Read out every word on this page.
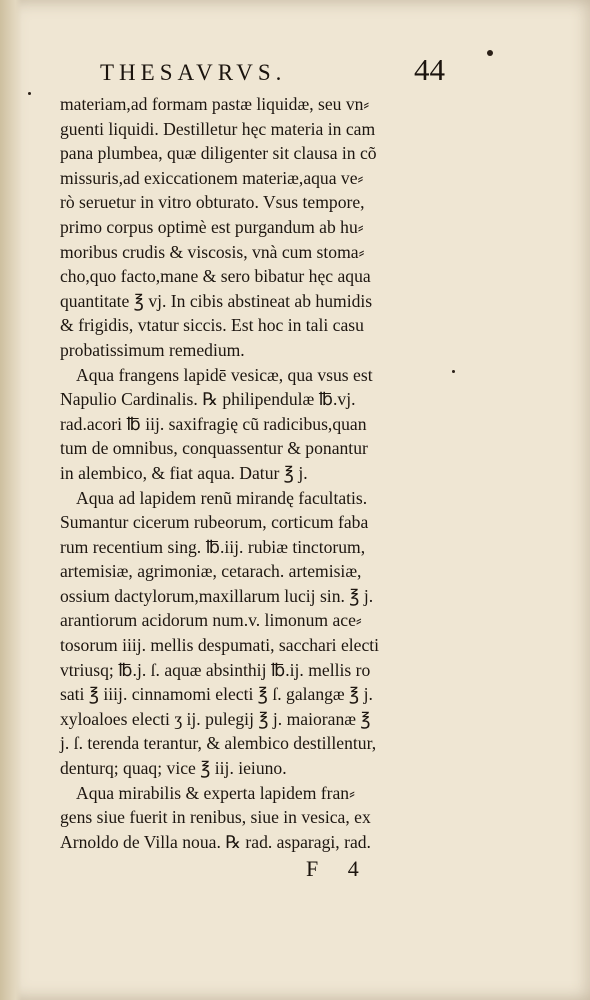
THESAVRVS.	44
materiam,ad formam pastæ liquidæ, seu vn⸗
guenti liquidi. Destilletur hęc materia in cam
pana plumbea, quæ diligenter sit clausa in cõ
missuris,ad exiccationem materiæ,aqua ve⸗
rò seruetur in vitro obturato. Vsus tempore,
primo corpus optimè est purgandum ab hu⸗
moribus crudis & viscosis, vnà cum stoma⸗
cho,quo facto,mane & sero bibatur hęc aqua
quantitate ℥ vj. In cibis abstineat ab humidis
& frigidis, vtatur siccis. Est hoc in tali casu
probatissimum remedium.
Aqua frangens lapidē vesicæ, qua vsus est
Napulio Cardinalis. ℞ philipendulæ ℔.vj.
rad.acori ℔ iij. saxifragię cũ radicibus,quan
tum de omnibus, conquassentur & ponantur
in alembico, & fiat aqua. Datur ℥ j.
Aqua ad lapidem renũ mirandę facultatis.
Sumantur cicerum rubeorum, corticum faba
rum recentium sing. ℔.iij. rubiæ tinctorum,
artemisiæ, agrimoniæ, cetarach. artemisiæ,
ossium dactylorum,maxillarum lucij sin. ℥ j.
arantiorum acidorum num.v. limonum ace⸗
tosorum iiij. mellis despumati, sacchari electi
vtriusq; ℔.j. ſ. aquæ absinthij ℔.ij. mellis ro
sati ℥ iiij. cinnamomi electi ℥ ſ. galangæ ℥ j.
xyloaloes electi ʒ ij. pulegij ℥ j. maioranæ ℥
j. ſ. terenda terantur, & alembico destillentur,
denturq; quaq; vice ℥ iij. ieiuno.
Aqua mirabilis & experta lapidem fran⸗
gens siue fuerit in renibus, siue in vesica, ex
Arnoldo de Villa noua. ℞ rad. asparagi, rad.
F 4
